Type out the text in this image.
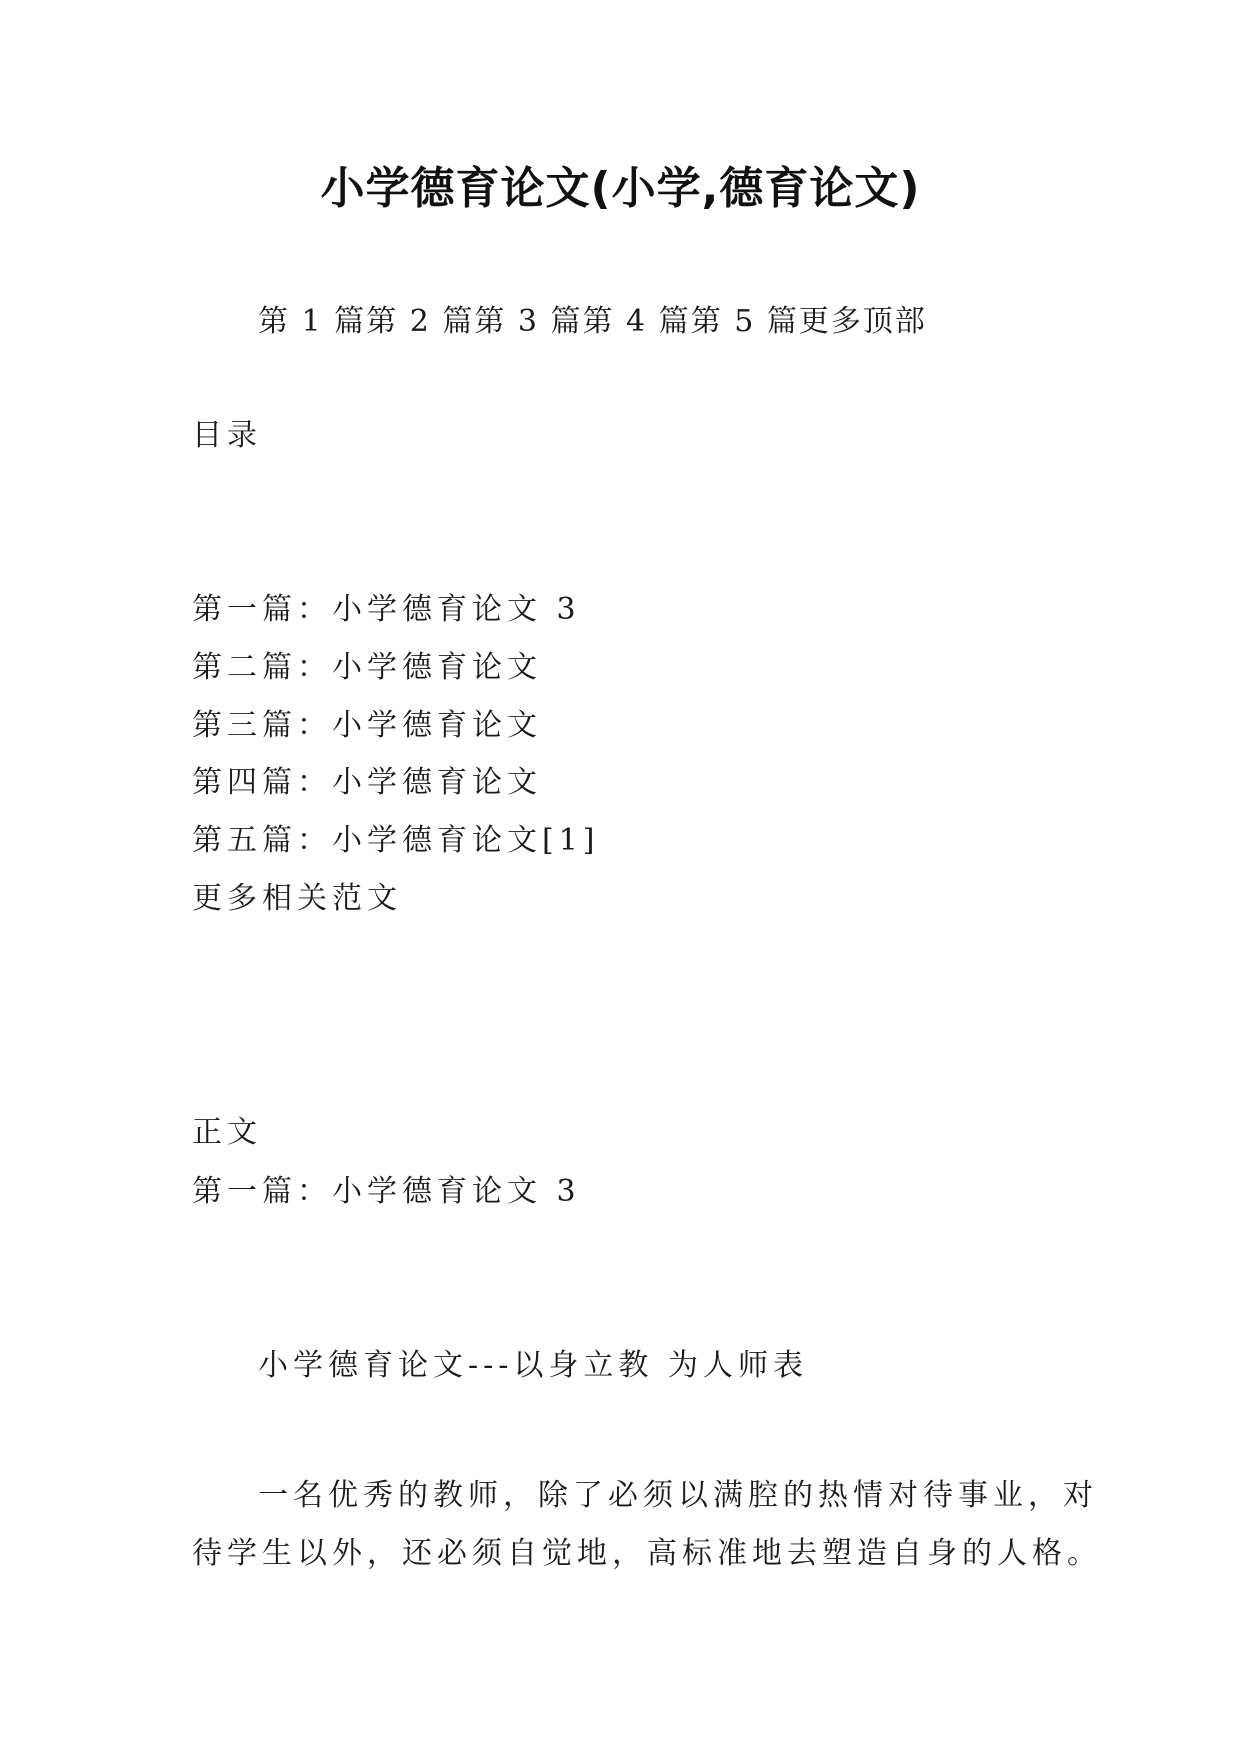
小学德育论文(小学,德育论文)
第 1 篇第 2 篇第 3 篇第 4 篇第 5 篇更多顶部
目录
第一篇：小学德育论文 3
第二篇：小学德育论文
第三篇：小学德育论文
第四篇：小学德育论文
第五篇：小学德育论文[1]
更多相关范文
正文
第一篇：小学德育论文 3
小学德育论文---以身立教 为人师表
一名优秀的教师，除了必须以满腔的热情对待事业，对
待学生以外，还必须自觉地，高标准地去塑造自身的人格。
